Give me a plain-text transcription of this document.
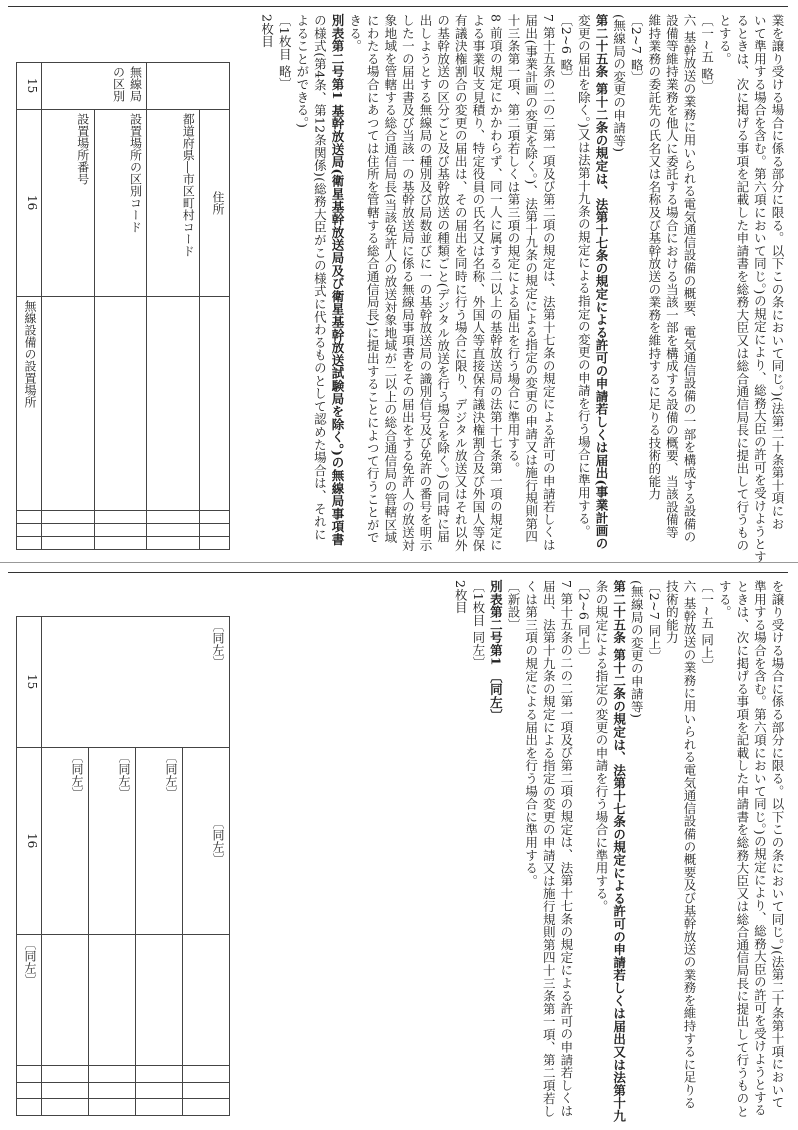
業を譲り受ける場合に係る部分に限る。以下この条において同じ。)(法第二十条第十項にお
いて準用する場合を含む。第六項において同じ。)の規定により、総務大臣の許可を受けようとす
るときは、次に掲げる事項を記載した申請書を総務大臣又は総合通信局長に提出して行うもの
とする。
〔一~五 略〕
六 基幹放送の業務に用いられる電気通信設備の概要、電気通信設備の一部を構成する設備の
設備等維持業務を他人に委託する場合における当該一部を構成する設備の概要、当該設備等
維持業務の委託先の氏名又は名称及び基幹放送の業務を維持するに足りる技術的能力
〔2~7 略〕
(無線局の変更の申請等)
第二十五条 第十二条の規定は、法第十七条の規定による許可の申請若しくは届出(事業計画の
変更の届出を除く。)又は法第十九条の規定による指定の変更の申請を行う場合に準用する。
〔2~6 略〕
7 第十五条の二の二第一項及び第二項の規定は、法第十七条の規定による許可の申請若しくは
届出(事業計画の変更を除く。)、法第十九条の規定による指定の変更の申請又は施行規則第四
十三条第一項、第二項若しくは第三項の規定による届出を行う場合に準用する。
8 前項の規定にかかわらず、同一人に属する二以上の基幹放送局の法第十七条第一項の規定に
よる事業収支見積り、特定役員の氏名又は名称、外国人等直接保有議決権割合及び外国人等保
有議決権割合の変更の届出は、その届出を同時に行う場合に限り、デジタル放送又はそれ以外
の基幹放送の区分ごと及び基幹放送の種類ごと(デジタル放送を行う場合を除く。)の同時に届
出しようとする無線局の種別及び局数並びに一の基幹放送局の識別信号及び免許の番号を明示
した一の届出書及び当該一の基幹放送局に係る無線局事項書をその届出をする免許人の放送対
象地域を管轄する総合通信局長(当該免許人の放送対象地域が二以上の総合通信局の管轄区域
にわたる場合にあつては住所を管轄する総合通信局長)に提出することによつて行うことがで
きる。
別表第二号第1 基幹放送局(衛星基幹放送局及び衛星基幹放送試験局を除く。)の無線局事項書
の様式(第4条、第12条関係)(総務大臣がこの様式に代わるものとして認めた場合は、それに
よることができる。)
〔1枚目 略〕
2枚目
15	無線局の区別			
16	設置場所番号	設置場所の区別コード	都道府県―市区町村コード	住所
無線設備の設置場所				

を譲り受ける場合に係る部分に限る。以下この条において同じ。)(法第二十条第十項において
準用する場合を含む。第六項において同じ。)の規定により、総務大臣の許可を受けようとする
ときは、次に掲げる事項を記載した申請書を総務大臣又は総合通信局長に提出して行うものと
する。
〔一~五 同上〕
六 基幹放送の業務に用いられる電気通信設備の概要及び基幹放送の業務を維持するに足りる
技術的能力
〔2~7 同上〕
(無線局の変更の申請等)
第二十五条 第十二条の規定は、法第十七条の規定による許可の申請若しくは届出又は法第十九
条の規定による指定の変更の申請を行う場合に準用する。
〔2~6 同上〕
7 第十五条の二の二第一項及び第二項の規定は、法第十七条の規定による許可の申請若しくは
届出、法第十九条の規定による指定の変更の申請又は施行規則第四十三条第一項、第二項若し
くは第三項の規定による届出を行う場合に準用する。
〔新設〕
別表第二号第1 〔同左〕
〔1枚目 同左〕
2枚目
15	〔同左〕			
16	〔同左〕	〔同左〕	〔同左〕	〔同左〕
〔同左〕				
